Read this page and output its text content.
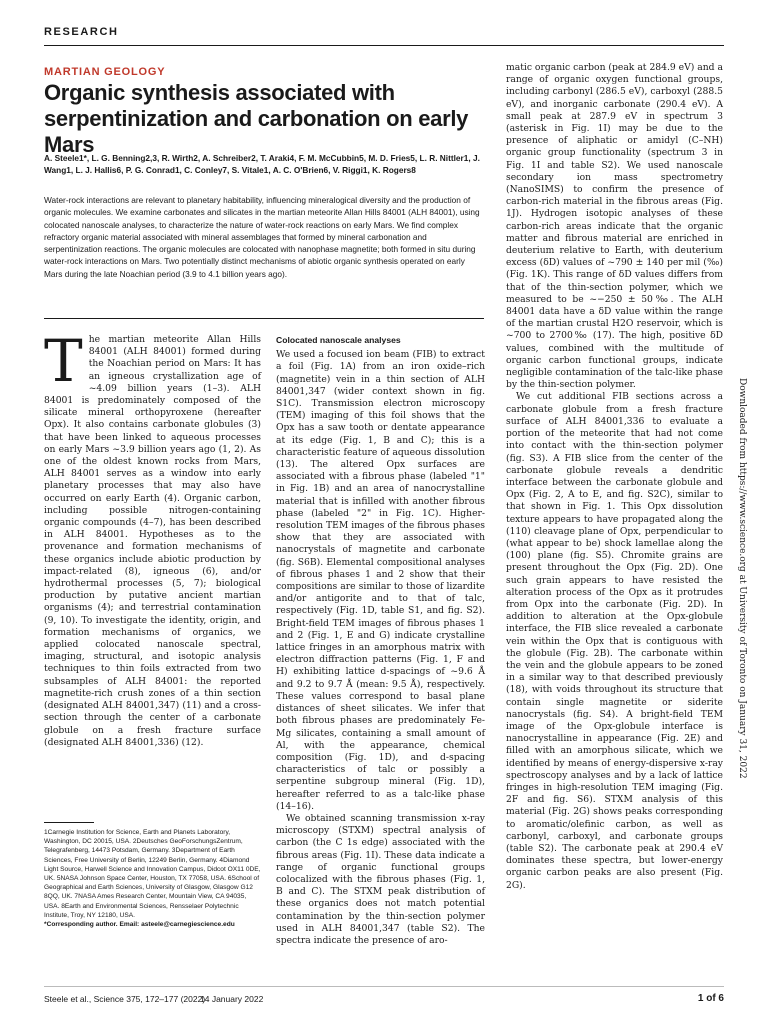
RESEARCH
MARTIAN GEOLOGY
Organic synthesis associated with serpentinization and carbonation on early Mars
A. Steele1*, L. G. Benning2,3, R. Wirth2, A. Schreiber2, T. Araki4, F. M. McCubbin5, M. D. Fries5, L. R. Nittler1, J. Wang1, L. J. Hallis6, P. G. Conrad1, C. Conley7, S. Vitale1, A. C. O'Brien6, V. Riggi1, K. Rogers8
Water-rock interactions are relevant to planetary habitability, influencing mineralogical diversity and the production of organic molecules. We examine carbonates and silicates in the martian meteorite Allan Hills 84001 (ALH 84001), using colocated nanoscale analyses, to characterize the nature of water-rock reactions on early Mars. We find complex refractory organic material associated with mineral assemblages that formed by mineral carbonation and serpentinization reactions. The organic molecules are colocated with nanophase magnetite; both formed in situ during water-rock interactions on Mars. Two potentially distinct mechanisms of abiotic organic synthesis operated on early Mars during the late Noachian period (3.9 to 4.1 billion years ago).
T he martian meteorite Allan Hills 84001 (ALH 84001) formed during the Noachian period on Mars: It has an igneous crystallization age of ~4.09 billion years (1–3). ALH 84001 is predominately composed of the silicate mineral orthopyroxene (hereafter Opx). It also contains carbonate globules (3) that have been linked to aqueous processes on early Mars ~3.9 billion years ago (1, 2). As one of the oldest known rocks from Mars, ALH 84001 serves as a window into early planetary processes that may also have occurred on early Earth (4). Organic carbon, including possible nitrogen-containing organic compounds (4–7), has been described in ALH 84001. Hypotheses as to the provenance and formation mechanisms of these organics include abiotic production by impact-related (8), igneous (6), and/or hydrothermal processes (5, 7); biological production by putative ancient martian organisms (4); and terrestrial contamination (9, 10). To investigate the identity, origin, and formation mechanisms of organics, we applied colocated nanoscale spectral, imaging, structural, and isotopic analysis techniques to thin foils extracted from two subsamples of ALH 84001: the reported magnetite-rich crush zones of a thin section (designated ALH 84001,347) (11) and a cross-section through the center of a carbonate globule on a fresh fracture surface (designated ALH 84001,336) (12).

Colocated nanoscale analyses

We used a focused ion beam (FIB) to extract a foil (Fig. 1A) from an iron oxide–rich (magnetite) vein in a thin section of ALH 84001,347 (wider context shown in fig. S1C). Transmission electron microscopy (TEM) imaging of this foil shows that the Opx has a saw tooth or dentate appearance at its edge (Fig. 1, B and C); this is a characteristic feature of aqueous dissolution (13). The altered Opx surfaces are associated with a fibrous phase (labeled "1" in Fig. 1B) and an area of nanocrystalline material that is infilled with another fibrous phase (labeled "2" in Fig. 1C). Higher-resolution TEM images of the fibrous phases show that they are associated with nanocrystals of magnetite and carbonate (fig. S6B). Elemental compositional analyses of fibrous phases 1 and 2 show that their compositions are similar to those of lizardite and/or antigorite and to that of talc, respectively (Fig. 1D, table S1, and fig. S2). Bright-field TEM images of fibrous phases 1 and 2 (Fig. 1, E and G) indicate crystalline lattice fringes in an amorphous matrix with electron diffraction patterns (Fig. 1, F and H) exhibiting lattice d-spacings of ~9.6 Å and 9.2 to 9.7 Å (mean: 9.5 Å), respectively. These values correspond to basal plane distances of sheet silicates. We infer that both fibrous phases are predominately Fe-Mg silicates, containing a small amount of Al, with the appearance, chemical composition (Fig. 1D), and d-spacing characteristics of talc or possibly a serpentine subgroup mineral (Fig. 1D), hereafter referred to as a talc-like phase (14–16).

We obtained scanning transmission x-ray microscopy (STXM) spectral analysis of carbon (the C 1s edge) associated with the fibrous areas (Fig. 1I). These data indicate a range of organic functional groups colocalized with the fibrous phases (Fig. 1, B and C). The STXM peak distribution of these organics does not match potential contamination by the thin-section polymer used in ALH 84001,347 (table S2). The spectra indicate the presence of aro-

matic organic carbon (peak at 284.9 eV) and a range of organic oxygen functional groups, including carbonyl (286.5 eV), carboxyl (288.5 eV), and inorganic carbonate (290.4 eV). A small peak at 287.9 eV in spectrum 3 (asterisk in Fig. 1I) may be due to the presence of aliphatic or amidyl (C–NH) organic group functionality (spectrum 3 in Fig. 1I and table S2). We used nanoscale secondary ion mass spectrometry (NanoSIMS) to confirm the presence of carbon-rich material in the fibrous areas (Fig. 1J). Hydrogen isotopic analyses of these carbon-rich areas indicate that the organic matter and fibrous material are enriched in deuterium relative to Earth, with deuterium excess (δD) values of ~790 ± 140 per mil (‰) (Fig. 1K). This range of δD values differs from that of the thin-section polymer, which we measured to be ~−250 ± 50‰. The ALH 84001 data have a δD value within the range of the martian crustal H2O reservoir, which is ~700 to 2700‰ (17). The high, positive δD values, combined with the multitude of organic carbon functional groups, indicate negligible contamination of the talc-like phase by the thin-section polymer.

We cut additional FIB sections across a carbonate globule from a fresh fracture surface of ALH 84001,336 to evaluate a portion of the meteorite that had not come into contact with the thin-section polymer (fig. S3). A FIB slice from the center of the carbonate globule reveals a dendritic interface between the carbonate globule and Opx (Fig. 2, A to E, and fig. S2C), similar to that shown in Fig. 1. This Opx dissolution texture appears to have propagated along the (110) cleavage plane of Opx, perpendicular to (what appear to be) shock lamellae along the (100) plane (fig. S5). Chromite grains are present throughout the Opx (Fig. 2D). One such grain appears to have resisted the alteration process of the Opx as it protrudes from Opx into the carbonate (Fig. 2D). In addition to alteration at the Opx-globule interface, the FIB slice revealed a carbonate vein within the Opx that is contiguous with the globule (Fig. 2B). The carbonate within the vein and the globule appears to be zoned in a similar way to that described previously (18), with voids throughout its structure that contain single magnetite or siderite nanocrystals (fig. S4). A bright-field TEM image of the Opx-globule interface is nanocrystalline in appearance (Fig. 2E) and filled with an amorphous silicate, which we identified by means of energy-dispersive x-ray spectroscopy analyses and by a lack of lattice fringes in high-resolution TEM imaging (Fig. 2F and fig. S6). STXM analysis of this material (Fig. 2G) shows peaks corresponding to aromatic/olefinic carbon, as well as carbonyl, carboxyl, and carbonate groups (table S2). The carbonate peak at 290.4 eV dominates these spectra, but lower-energy organic carbon peaks are also present (Fig. 2G).

1Carnegie Institution for Science, Earth and Planets Laboratory, Washington, DC 20015, USA. 2Deutsches GeoForschungsZentrum, Telegrafenberg, 14473 Potsdam, Germany. 3Department of Earth Sciences, Free University of Berlin, 12249 Berlin, Germany. 4Diamond Light Source, Harwell Science and Innovation Campus, Didcot OX11 0DE, UK. 5NASA Johnson Space Center, Houston, TX 77058, USA. 6School of Geographical and Earth Sciences, University of Glasgow, Glasgow G12 8QQ, UK. 7NASA Ames Research Center, Mountain View, CA 94035, USA. 8Earth and Environmental Sciences, Rensselaer Polytechnic Institute, Troy, NY 12180, USA.
*Corresponding author. Email: asteele@carnegiescience.edu
Downloaded from https://www.science.org at University of Toronto on January 31, 2022
Steele et al., Science 375, 172–177 (2022)
14 January 2022	1 of 6
